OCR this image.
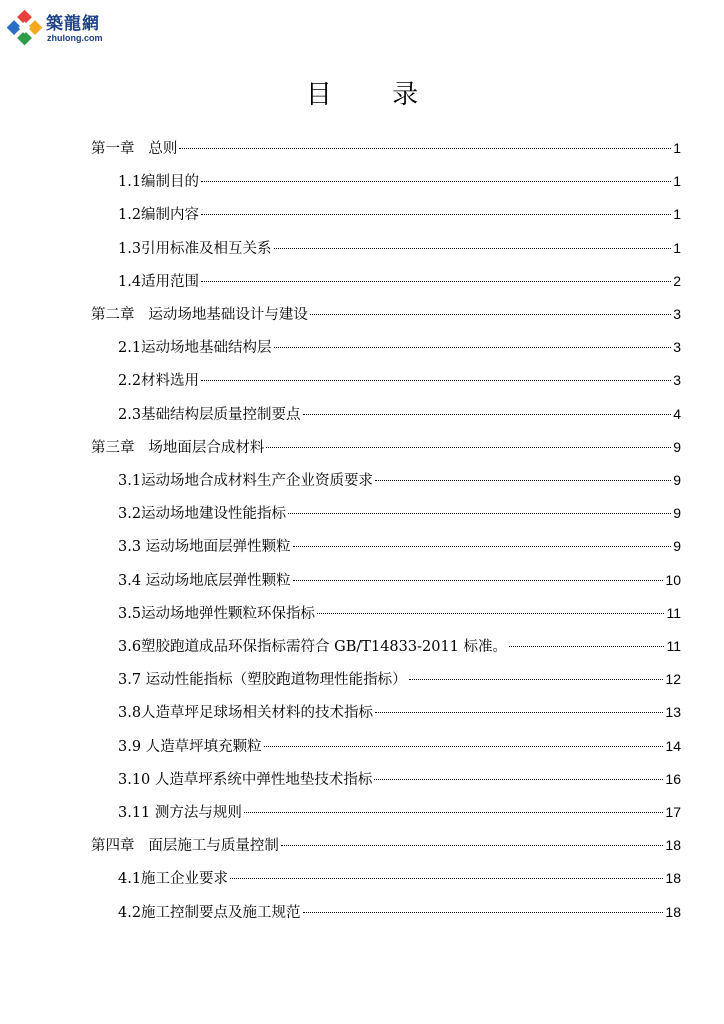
築龍網
zhulong.com
目 录
第一章   总则	1
1.1编制目的	1
1.2编制内容	1
1.3引用标准及相互关系	1
1.4适用范围	2
第二章   运动场地基础设计与建设	3
2.1运动场地基础结构层	3
2.2材料选用	3
2.3基础结构层质量控制要点	4
第三章   场地面层合成材料	9
3.1运动场地合成材料生产企业资质要求	9
3.2运动场地建设性能指标	9
3.3 运动场地面层弹性颗粒	9
3.4 运动场地底层弹性颗粒	10
3.5运动场地弹性颗粒环保指标	11
3.6塑胶跑道成品环保指标需符合 GB/T14833-2011 标准。	11
3.7 运动性能指标（塑胶跑道物理性能指标）	12
3.8人造草坪足球场相关材料的技术指标	13
3.9 人造草坪填充颗粒	14
3.10 人造草坪系统中弹性地垫技术指标	16
3.11 测方法与规则	17
第四章   面层施工与质量控制	18
4.1施工企业要求	18
4.2施工控制要点及施工规范	18
